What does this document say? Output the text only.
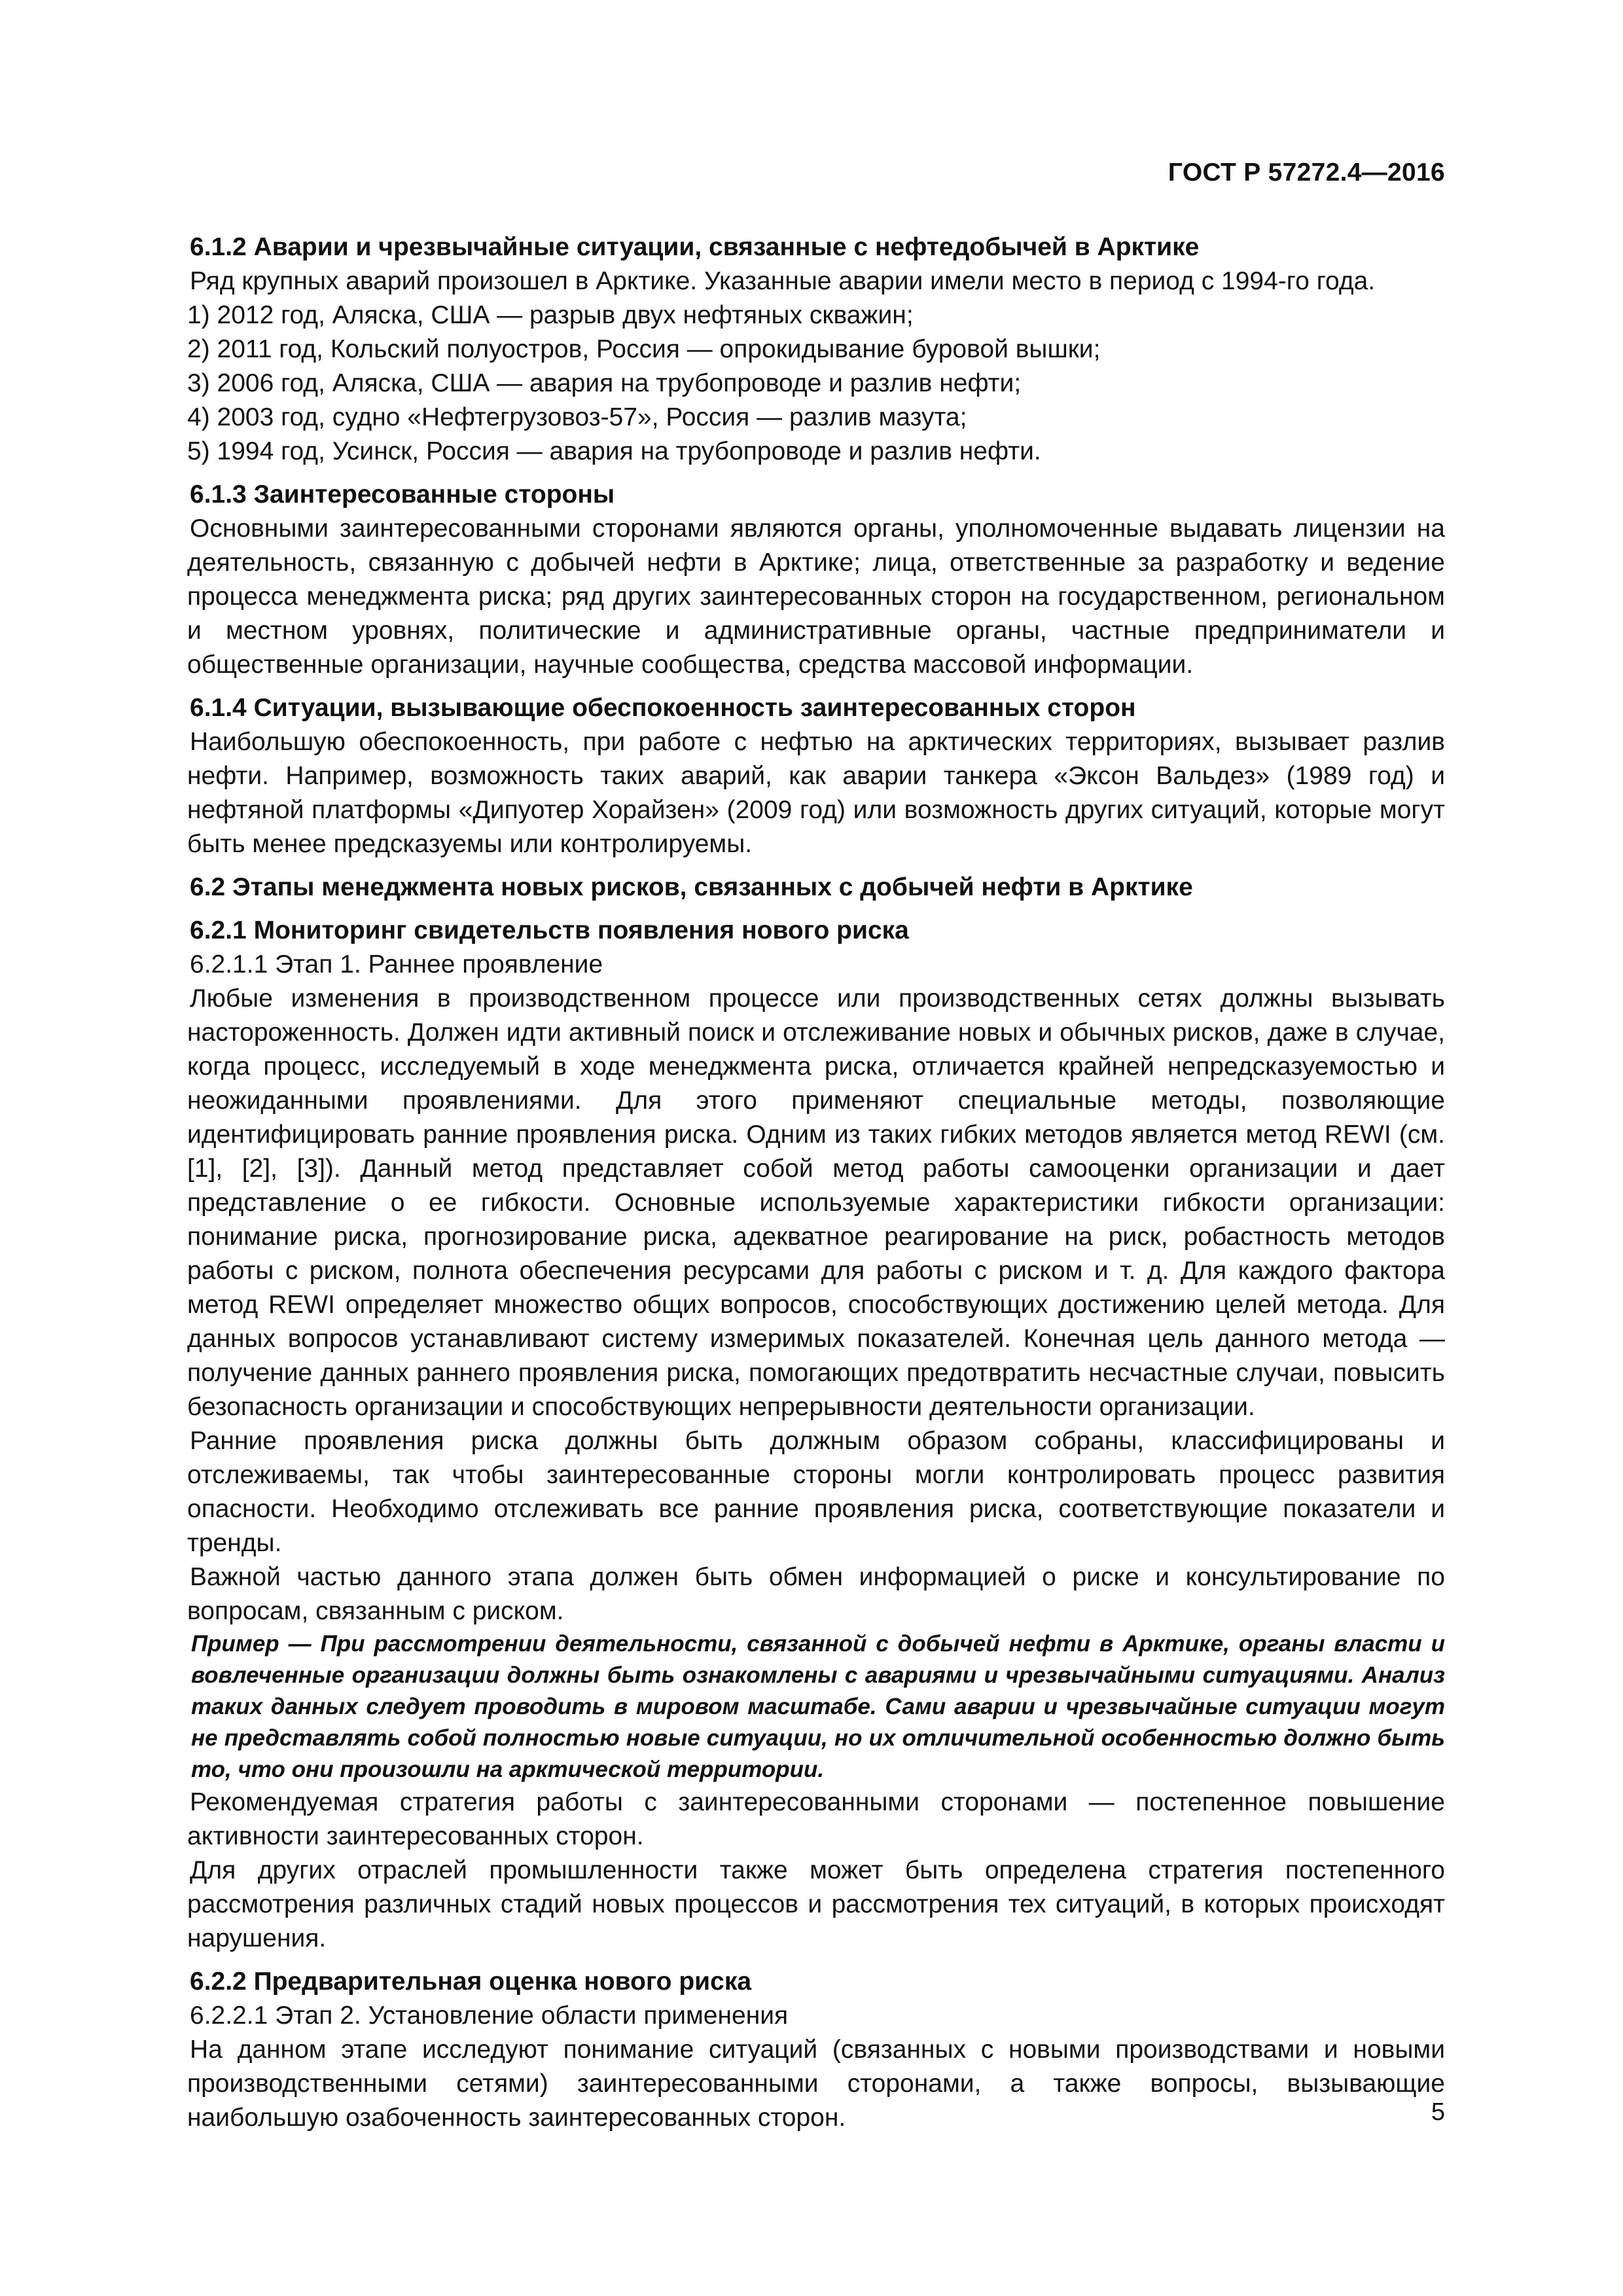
ГОСТ Р 57272.4—2016
6.1.2 Аварии и чрезвычайные ситуации, связанные с нефтедобычей в Арктике

Ряд крупных аварий произошел в Арктике. Указанные аварии имели место в период с 1994-го года.

1) 2012 год, Аляска, США — разрыв двух нефтяных скважин;
2) 2011 год, Кольский полуостров, Россия — опрокидывание буровой вышки;
3) 2006 год, Аляска, США — авария на трубопроводе и разлив нефти;
4) 2003 год, судно «Нефтегрузовоз-57», Россия — разлив мазута;
5) 1994 год, Усинск, Россия — авария на трубопроводе и разлив нефти.
6.1.3 Заинтересованные стороны

Основными заинтересованными сторонами являются органы, уполномоченные выдавать лицензии на деятельность, связанную с добычей нефти в Арктике; лица, ответственные за разработку и ведение процесса менеджмента риска; ряд других заинтересованных сторон на государственном, региональном и местном уровнях, политические и административные органы, частные предприниматели и общественные организации, научные сообщества, средства массовой информации.

6.1.4 Ситуации, вызывающие обеспокоенность заинтересованных сторон

Наибольшую обеспокоенность, при работе с нефтью на арктических территориях, вызывает разлив нефти. Например, возможность таких аварий, как аварии танкера «Эксон Вальдез» (1989 год) и нефтяной платформы «Дипуотер Хорайзен» (2009 год) или возможность других ситуаций, которые могут быть менее предсказуемы или контролируемы.

6.2 Этапы менеджмента новых рисков, связанных с добычей нефти в Арктике
6.2.1 Мониторинг свидетельств появления нового риска

6.2.1.1 Этап 1. Раннее проявление

Любые изменения в производственном процессе или производственных сетях должны вызывать настороженность. Должен идти активный поиск и отслеживание новых и обычных рисков, даже в случае, когда процесс, исследуемый в ходе менеджмента риска, отличается крайней непредсказуемостью и неожиданными проявлениями. Для этого применяют специальные методы, позволяющие идентифицировать ранние проявления риска. Одним из таких гибких методов является метод REWI (см. [1], [2], [3]). Данный метод представляет собой метод работы самооценки организации и дает представление о ее гибкости. Основные используемые характеристики гибкости организации: понимание риска, прогнозирование риска, адекватное реагирование на риск, робастность методов работы с риском, полнота обеспечения ресурсами для работы с риском и т. д. Для каждого фактора метод REWI определяет множество общих вопросов, способствующих достижению целей метода. Для данных вопросов устанавливают систему измеримых показателей. Конечная цель данного метода — получение данных раннего проявления риска, помогающих предотвратить несчастные случаи, повысить безопасность организации и способствующих непрерывности деятельности организации.

Ранние проявления риска должны быть должным образом собраны, классифицированы и отслеживаемы, так чтобы заинтересованные стороны могли контролировать процесс развития опасности. Необходимо отслеживать все ранние проявления риска, соответствующие показатели и тренды.

Важной частью данного этапа должен быть обмен информацией о риске и консультирование по вопросам, связанным с риском.

Пример — При рассмотрении деятельности, связанной с добычей нефти в Арктике, органы власти и вовлеченные организации должны быть ознакомлены с авариями и чрезвычайными ситуациями. Анализ таких данных следует проводить в мировом масштабе. Сами аварии и чрезвычайные ситуации могут не представлять собой полностью новые ситуации, но их отличительной особенностью должно быть то, что они произошли на арктической территории.

Рекомендуемая стратегия работы с заинтересованными сторонами — постепенное повышение активности заинтересованных сторон.

Для других отраслей промышленности также может быть определена стратегия постепенного рассмотрения различных стадий новых процессов и рассмотрения тех ситуаций, в которых происходят нарушения.

6.2.2 Предварительная оценка нового риска

6.2.2.1 Этап 2. Установление области применения

На данном этапе исследуют понимание ситуаций (связанных с новыми производствами и новыми производственными сетями) заинтересованными сторонами, а также вопросы, вызывающие наибольшую озабоченность заинтересованных сторон.	5
